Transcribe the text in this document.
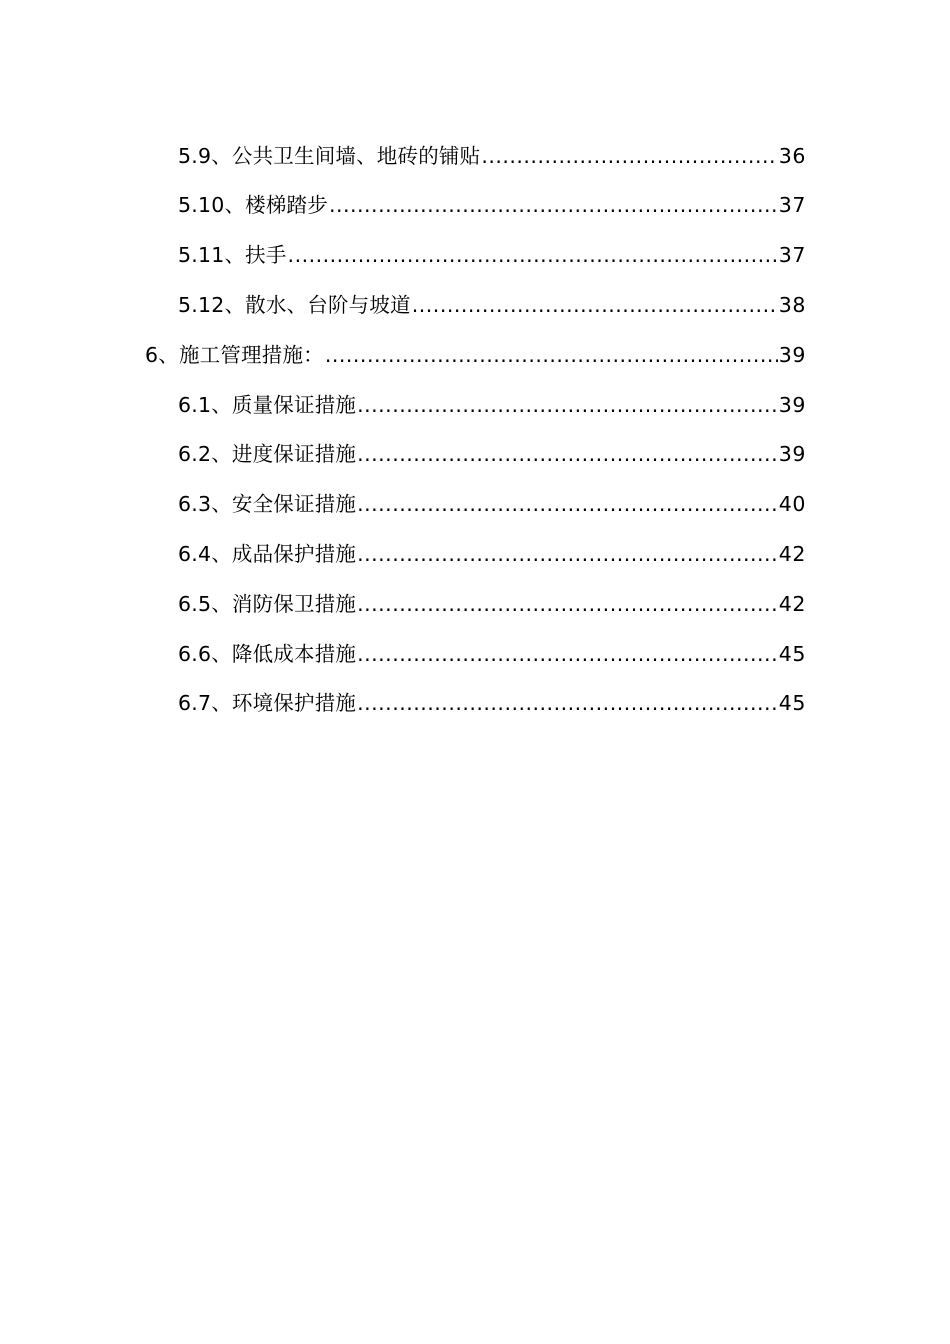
5.9、公共卫生间墙、地砖的铺贴 .....	36
5.10、楼梯踏步 .....	37
5.11、扶手 .....	37
5.12、散水、台阶与坡道 .....	38
6、施工管理措施： .....	39
6.1、质量保证措施 .....	39
6.2、进度保证措施 .....	39
6.3、安全保证措施 .....	40
6.4、成品保护措施 .....	42
6.5、消防保卫措施 .....	42
6.6、降低成本措施 .....	45
6.7、环境保护措施 .....	45
